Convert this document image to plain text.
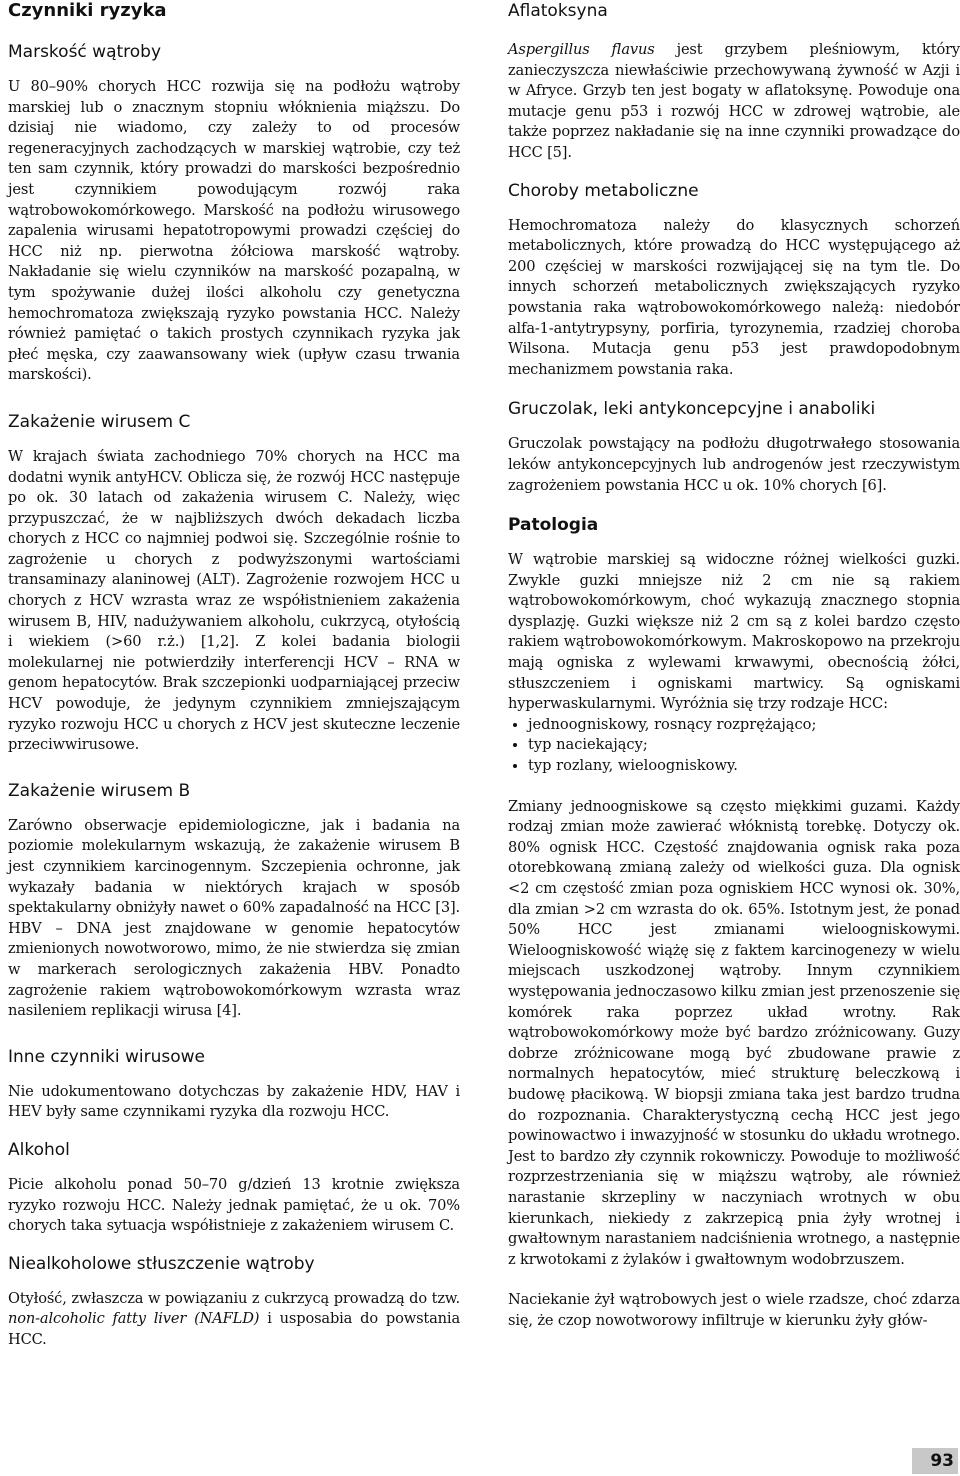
Czynniki ryzyka
Marskość wątroby

U 80–90% chorych HCC rozwija się na podłożu wątroby marskiej lub o znacznym stopniu włóknienia miąższu. Do dzisiaj nie wiadomo, czy zależy to od procesów regeneracyjnych zachodzących w marskiej wątrobie, czy też ten sam czynnik, który prowadzi do marskości bezpośrednio jest czynnikiem powodującym rozwój raka wątrobowokomórkowego. Marskość na podłożu wirusowego zapalenia wirusami hepatotropowymi prowadzi częściej do HCC niż np. pierwotna żółciowa marskość wątroby. Nakładanie się wielu czynników na marskość pozapalną, w tym spożywanie dużej ilości alkoholu czy genetyczna hemochromatoza zwiększają ryzyko powstania HCC. Należy również pamiętać o takich prostych czynnikach ryzyka jak płeć męska, czy zaawansowany wiek (upływ czasu trwania marskości).

Zakażenie wirusem C

W krajach świata zachodniego 70% chorych na HCC ma dodatni wynik antyHCV. Oblicza się, że rozwój HCC następuje po ok. 30 latach od zakażenia wirusem C. Należy, więc przypuszczać, że w najbliższych dwóch dekadach liczba chorych z HCC co najmniej podwoi się. Szczególnie rośnie to zagrożenie u chorych z podwyższonymi wartościami transaminazy alaninowej (ALT). Zagrożenie rozwojem HCC u chorych z HCV wzrasta wraz ze współistnieniem zakażenia wirusem B, HIV, nadużywaniem alkoholu, cukrzycą, otyłością i wiekiem (>60 r.ż.) [1,2]. Z kolei badania biologii molekularnej nie potwierdziły interferencji HCV – RNA w genom hepatocytów. Brak szczepionki uodparniającej przeciw HCV powoduje, że jedynym czynnikiem zmniejszającym ryzyko rozwoju HCC u chorych z HCV jest skuteczne leczenie przeciwwirusowe.

Zakażenie wirusem B

Zarówno obserwacje epidemiologiczne, jak i badania na poziomie molekularnym wskazują, że zakażenie wirusem B jest czynnikiem karcinogennym. Szczepienia ochronne, jak wykazały badania w niektórych krajach w sposób spektakularny obniżyły nawet o 60% zapadalność na HCC [3]. HBV – DNA jest znajdowane w genomie hepatocytów zmienionych nowotworowo, mimo, że nie stwierdza się zmian w markerach serologicznych zakażenia HBV. Ponadto zagrożenie rakiem wątrobowokomórkowym wzrasta wraz nasileniem replikacji wirusa [4].

Inne czynniki wirusowe

Nie udokumentowano dotychczas by zakażenie HDV, HAV i HEV były same czynnikami ryzyka dla rozwoju HCC.

Alkohol

Picie alkoholu ponad 50–70 g/dzień 13 krotnie zwiększa ryzyko rozwoju HCC. Należy jednak pamiętać, że u ok. 70% chorych taka sytuacja współistnieje z zakażeniem wirusem C.

Niealkoholowe stłuszczenie wątroby

Otyłość, zwłaszcza w powiązaniu z cukrzycą prowadzą do tzw. non-alcoholic fatty liver (NAFLD) i usposabia do powstania HCC.

Aflatoksyna

Aspergillus flavus jest grzybem pleśniowym, który zanieczyszcza niewłaściwie przechowywaną żywność w Azji i w Afryce. Grzyb ten jest bogaty w aflatoksynę. Powoduje ona mutacje genu p53 i rozwój HCC w zdrowej wątrobie, ale także poprzez nakładanie się na inne czynniki prowadzące do HCC [5].

Choroby metaboliczne

Hemochromatoza należy do klasycznych schorzeń metabolicznych, które prowadzą do HCC występującego aż 200 częściej w marskości rozwijającej się na tym tle. Do innych schorzeń metabolicznych zwiększających ryzyko powstania raka wątrobowokomórkowego należą: niedobór alfa-1-antytrypsyny, porfiria, tyrozynemia, rzadziej choroba Wilsona. Mutacja genu p53 jest prawdopodobnym mechanizmem powstania raka.

Gruczolak, leki antykoncepcyjne i anaboliki

Gruczolak powstający na podłożu długotrwałego stosowania leków antykoncepcyjnych lub androgenów jest rzeczywistym zagrożeniem powstania HCC u ok. 10% chorych [6].

Patologia

W wątrobie marskiej są widoczne różnej wielkości guzki. Zwykle guzki mniejsze niż 2 cm nie są rakiem wątrobowokomórkowym, choć wykazują znacznego stopnia dysplazję. Guzki większe niż 2 cm są z kolei bardzo często rakiem wątrobowokomórkowym. Makroskopowo na przekroju mają ogniska z wylewami krwawymi, obecnością żółci, stłuszczeniem i ogniskami martwicy. Są ogniskami hyperwaskularnymi. Wyróżnia się trzy rodzaje HCC:

• jednoogniskowy, rosnący rozprężająco;
• typ naciekający;
• typ rozlany, wieloogniskowy.

Zmiany jednoogniskowe są często miękkimi guzami. Każdy rodzaj zmian może zawierać włóknistą torebkę. Dotyczy ok. 80% ognisk HCC. Częstość znajdowania ognisk raka poza otorebkowaną zmianą zależy od wielkości guza. Dla ognisk <2 cm częstość zmian poza ogniskiem HCC wynosi ok. 30%, dla zmian >2 cm wzrasta do ok. 65%. Istotnym jest, że ponad 50% HCC jest zmianami wieloogniskowymi. Wieloogniskowość wiążę się z faktem karcinogenezy w wielu miejscach uszkodzonej wątroby. Innym czynnikiem występowania jednoczasowo kilku zmian jest przenoszenie się komórek raka poprzez układ wrotny. Rak wątrobowokomórkowy może być bardzo zróżnicowany. Guzy dobrze zróżnicowane mogą być zbudowane prawie z normalnych hepatocytów, mieć strukturę beleczkową i budowę płacikową. W biopsji zmiana taka jest bardzo trudna do rozpoznania. Charakterystyczną cechą HCC jest jego powinowactwo i inwazyjność w stosunku do układu wrotnego. Jest to bardzo zły czynnik rokowniczy. Powoduje to możliwość rozprzestrzeniania się w miąższu wątroby, ale również narastanie skrzepliny w naczyniach wrotnych w obu kierunkach, niekiedy z zakrzepicą pnia żyły wrotnej i gwałtownym narastaniem nadciśnienia wrotnego, a następnie z krwotokami z żylaków i gwałtownym wodobrzuszem.

Naciekanie żył wątrobowych jest o wiele rzadsze, choć zdarza się, że czop nowotworowy infiltruje w kierunku żyły głów-

93
